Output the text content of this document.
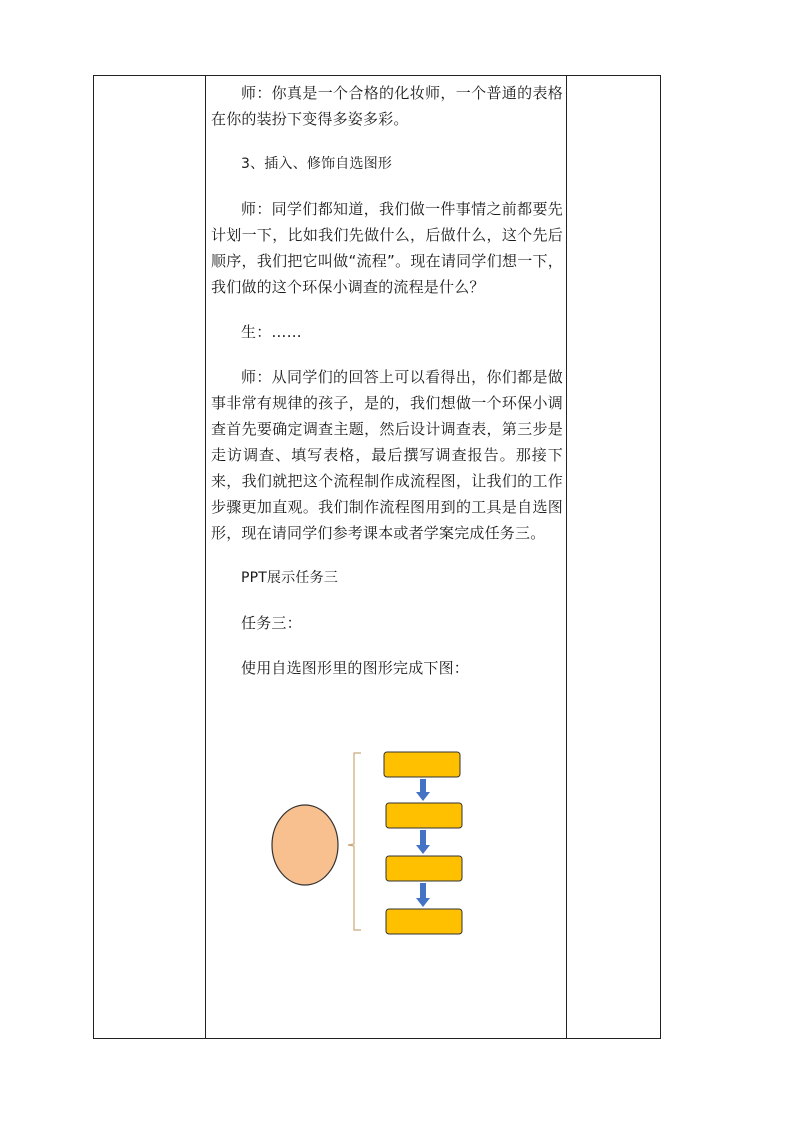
师：你真是一个合格的化妆师，一个普通的表格在你的装扮下变得多姿多彩。

3、插入、修饰自选图形

师：同学们都知道，我们做一件事情之前都要先计划一下，比如我们先做什么，后做什么，这个先后顺序，我们把它叫做“流程”。现在请同学们想一下，我们做的这个环保小调查的流程是什么？

生：……

师：从同学们的回答上可以看得出，你们都是做事非常有规律的孩子，是的，我们想做一个环保小调查首先要确定调查主题，然后设计调查表，第三步是走访调查、填写表格，最后撰写调查报告。那接下来，我们就把这个流程制作成流程图，让我们的工作步骤更加直观。我们制作流程图用到的工具是自选图形，现在请同学们参考课本或者学案完成任务三。

PPT展示任务三

任务三：

使用自选图形里的图形完成下图：
